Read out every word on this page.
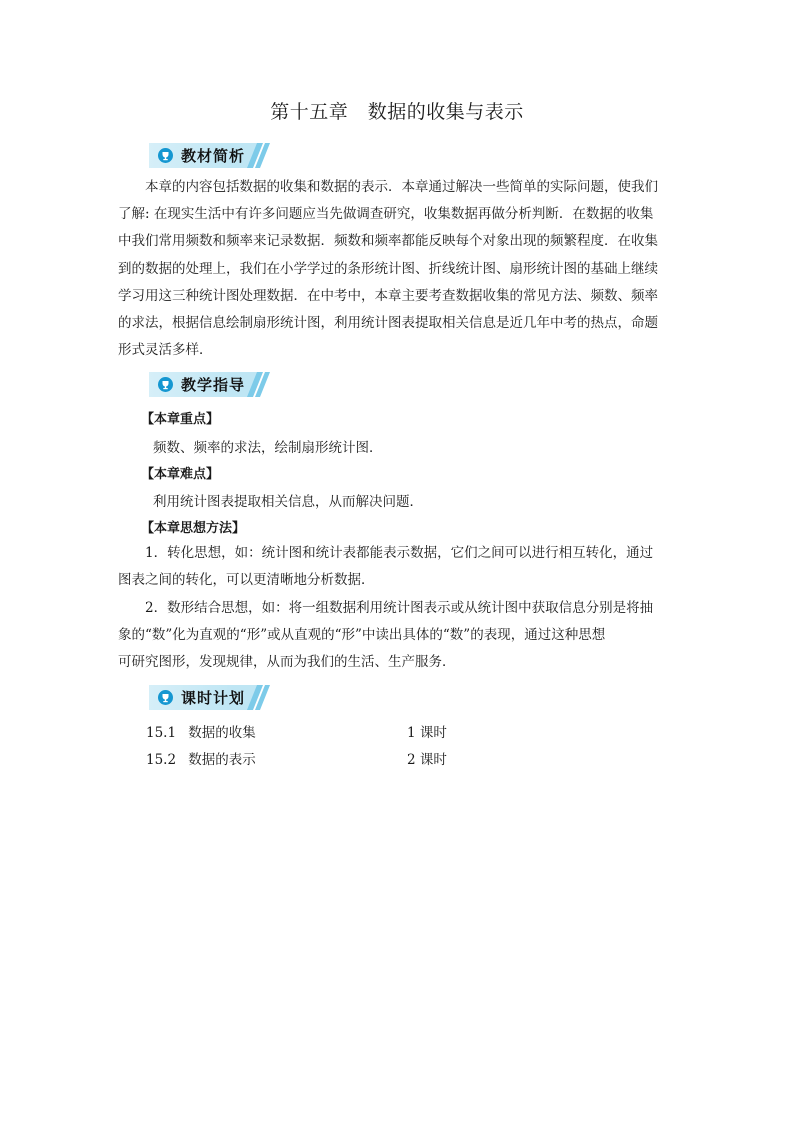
第十五章　数据的收集与表示
教材简析
本章的内容包括数据的收集和数据的表示．本章通过解决一些简单的实际问题，使我们
了解: 在现实生活中有许多问题应当先做调查研究，收集数据再做分析判断．在数据的收集
中我们常用频数和频率来记录数据．频数和频率都能反映每个对象出现的频繁程度．在收集
到的数据的处理上，我们在小学学过的条形统计图、折线统计图、扇形统计图的基础上继续
学习用这三种统计图处理数据．在中考中，本章主要考查数据收集的常见方法、频数、频率
的求法，根据信息绘制扇形统计图，利用统计图表提取相关信息是近几年中考的热点，命题
形式灵活多样．
教学指导
【本章重点】
频数、频率的求法，绘制扇形统计图．
【本章难点】
利用统计图表提取相关信息，从而解决问题．
【本章思想方法】
1．转化思想，如：统计图和统计表都能表示数据，它们之间可以进行相互转化，通过
图表之间的转化，可以更清晰地分析数据．
2．数形结合思想，如：将一组数据利用统计图表示或从统计图中获取信息分别是将抽
象的“数”化为直观的“形”或从直观的“形”中读出具体的“数”的表现，通过这种思想
可研究图形，发现规律，从而为我们的生活、生产服务．
课时计划
15.1 数据的收集	1 课时
15.2 数据的表示	2 课时
